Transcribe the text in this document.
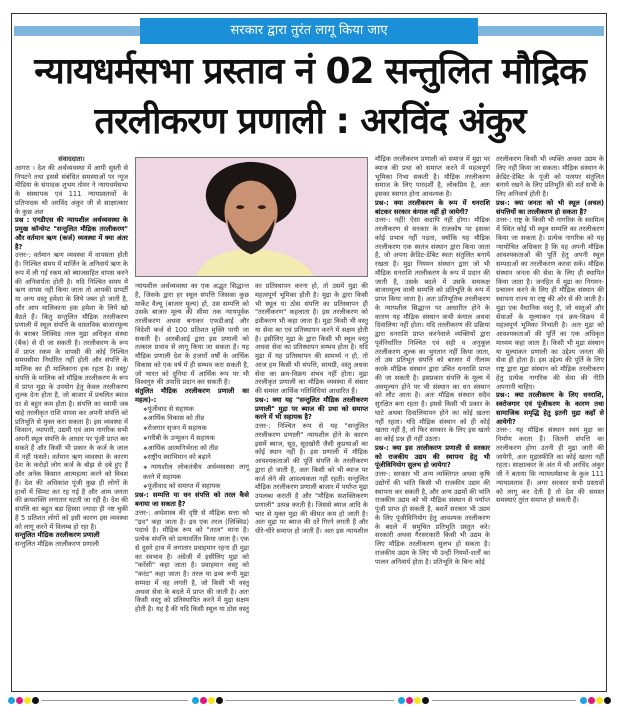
सरकार द्वारा तुरंत लागू किया जाए
न्यायधर्मसभा प्रस्ताव नं 02 सन्तुलित मौद्रिक
तरलीकरण प्रणाली : अरविंद अंकुर

संवाददाता।

आगरा । देश की अर्थव्यवस्था में आयी सुस्ती से निपटने तथा इससे संबंधित समस्याओं पर न्यूज मीडिया के संपादक शुभम तोमर ने न्यायधर्मसभा के संस्थापक एवं 111 न्यायप्रस्तावों के प्रतिपादक श्री अरविंद अंकुर जी से साक्षात्कार के कुछ अंश

प्रश्न : एनडीएस की न्यायशील अर्थव्यवस्था के प्रमुख कॉन्सेप्ट "सन्तुलित मौद्रिक तरलीकरण" और वर्तमान ऋण (कर्ज) व्यवस्था में क्या अंतर है?

उत्तर-: वर्तमान ऋण व्यवस्था में वापसता होती है। निश्चित समय में मार्जिन के अनिवार्य ऋण के रूप में ली गई रकम को ब्याजसहित वापस करने की अनिवार्यता होती है। यदि निश्चित समय में ऋण वापस नहीं किया जाता तो आपकी प्रापर्टी या अन्य वस्तु हमेशा के लिये जब्त हो जाती है, और आप मालिकाना हक हमेशा के लिये खो बैठते हैं। किंतु सन्तुलित मौद्रिक तरलीकरण प्रणाली में स्थूल संपत्ति के वास्तविक बाजारमूल्य के बराबर लिक्विड तरल मुद्रा अधिकृत संस्था (बैंक) से दी जा सकती है। तरलीकरण के रूप में प्राप्त रकम के वापसी की कोई निश्चित समयसीमा निर्धारित नहीं होती और संपत्ति के मालिक का ही मालिकाना हक रहता है। वस्तु/संपत्ति के मालिक को मौद्रिक तरलीकरण के रूप में प्राप्त मुद्रा के उपयोग हेतु केवल तरलीकरण शुल्क देना होता है, जो बाजार में प्रचलित ब्याज दर से बहुत कम होता है। संपत्ति का स्वामी जब चाहे तरलीकृत राशि वापस कर अपनी संपत्ति को प्रतिभूति से मुक्त करा सकता है। इस व्यवस्था में किसान, व्यापारी, उद्यमी एवं आम नागरिक सभी अपनी स्थूल संपत्ति के आधार पर पूंजी प्राप्त कर सकते हैं और किसी भी प्रकार के कर्ज के जाल में नहीं फंसते। वर्तमान ऋण व्यवस्था के कारण देश के करोड़ों लोग कर्ज के बोझ से दबे हुए हैं और अनेक किसान आत्महत्या करने को विवश हैं। देश की अधिकांश पूंजी कुछ ही लोगों के हाथों में सिमट कर रह गई है और आम जनता की क्रयशक्ति लगातार घटती जा रही है। देश की संपत्ति का बहुत बड़ा हिस्सा ज्यादा ही नष्ट चुकी है 5 प्रतिशत लोगों को इसी कारण इस व्यवस्था को लागू करने में विलम्ब हो रहा है।

सन्तुलित मौद्रिक तरलीकरण प्रणाली

सन्तुलित मौद्रिक तरलीकरण प्रणाली

न्यायशील अर्थव्यवस्था का एक अद्भुत सिद्धान्त है, जिसके द्वारा हर स्थूल संपत्ति जिसका कुछ मार्केट वैल्यू (बाजार मूल्य) हो, उस सम्पत्ति को उसके बाजार मूल्य की सीमा तक न्यायपूर्वक तरलीकरण अथवा बनाकर एफडीआई और विदेशी कर्ज से 100 प्रतिशत मुक्ति पायी जा सकती है। आरबीआई द्वारा इस प्रणाली को तत्काल प्रभाव से लागू किया जा सकता है। यह मौद्रिक प्रणाली देश के हजारों वर्षों के आर्थिक विकास को एक वर्ष में ही सम्भव करा सकती है, जो भारत को दुनिया में आर्थिक रूप पर भी विश्वगुरु की उपाधि प्रदान कर सकती है।

संतुलित मौद्रिक तरलीकरण प्रणाली का महत्व)-:

❖ पूंजीवाद से सहायक
❖ आर्थिक विकास को तीव्र
❖ रोजगार सृजन में सहायक
❖ गरीबी के उन्मूलन में सहायक
❖ आर्थिक आत्मनिर्भरता को तीव्र
❖ राष्ट्रीय स्वाभिमान को बढ़ाने
❖ न्यायशील लोकतंत्रीय अर्थव्यवस्था लागू करने में सहायक
❖ पूंजीवाद को समाप्त में सहायक

प्रश्न-: सम्पत्ति या धन संपत्ति को तरल कैसे बनाया जा सकता है?

उत्तर-: अर्थशास्त्र की दृष्टि से मौद्रिक सत्ता को "द्रव" कहा जाता है। द्रव एक तरल (लिक्विड) पदार्थ है। मौद्रिक रूप को "तरल" माना है। प्रत्येक संपत्ति को प्रत्यावर्तित किया जाता है। एक से दूसरे हाथ में लगातार प्रवाहमान रहना ही मुद्रा का स्वभाव है। अंग्रेजी में इसीलिए मुद्रा को "करेंसी" कहा जाता है। प्रवाहमान वस्तु को "करंट" कहा जाता है। तरल या द्रव्य रूपी मुद्रा सम्पदा में वह लगती है, जो किसी भी वस्तु अथवा सेवा के बदले में प्राप्त की जाती है। अतः किसी वस्तु को प्रतिस्थापित करने में मुद्रा सक्षम होती है। यह है की यदि किसी स्थूल या ठोस वस्तु

का प्रतिस्थापन करना हो, तो उसमें मुद्रा की महत्वपूर्ण भूमिका होती है। मुद्रा के द्वारा किसी भी स्थूल या ठोस संपत्ति का प्रतिस्थापन ही "तरलीकरण" कहलाता है। इस तरलीकरण को द्रवीकरण भी कहा जाता है। मुद्रा किसी भी वस्तु या सेवा का एवं प्रतिस्थापन करने में सक्षम होती है। इसीलिए मुद्रा के द्वारा किसी भी स्थूल वस्तु अथवा सेवा का प्रतिस्थापन सम्भव होता है। यदि मुद्रा में यह प्रतिस्थापन की सामर्थ्य न हो, तो आज हम किसी भी संपत्ति, सामग्री, वस्तु अथवा सेवा का क्रय-विक्रय संभव नहीं होता। मुद्रा तरलीकृत प्रणाली का मौद्रिक व्यवस्था में संसार की समस्त आर्थिक गतिविधियां आधारित हैं।

प्रश्न-: क्या यह "सन्तुलित मौद्रिक तरलीकरण प्रणाली" मुद्रा पर ब्याज की प्रथा को समाप्त करने में भी सहायक है?

उत्तर-: निश्चित रूप से यह "सन्तुलित तरलीकरण प्रणाली" न्यायशील होने के कारण इसमें ब्याज, सूद, सूदखोरी जैसी कुप्रथाओं का कोई स्थान नहीं है। इस प्रणाली में मौद्रिक आवश्यकताओं की पूर्ति संपत्ति के तरलीकरण द्वारा हो जाती है, अतः किसी को भी ब्याज पर कर्ज लेने की आवश्यकता नहीं रहती। सन्तुलित मौद्रिक तरलीकरण प्रणाली बाजार में पर्याप्त मुद्रा उपलब्ध कराती है और "मौद्रिक सशक्तिकरण प्रणाली" उत्पन्न करती है। जिससे ब्याज आदि के भार से मुक्त मुद्रा की कीमत कम हो जाती है। अतः मुद्रा पर ब्याज की दरें गिरने लगती हैं और धीरे-धीरे समाप्त हो जाती हैं। अतः इस न्यायशील

मौद्रिक तरलीकरण प्रणाली को समाज में मुद्रा पर ब्याज की प्रथा को समाप्त करने में महत्वपूर्ण भूमिका निभा सकती है। मौद्रिक तरलीकरण समाज के लिए पारदर्शी है, लोकप्रिय है, अतः इसका स्वागत होना आवश्यक है।

प्रश्न-: क्या तरलीकरण के रूप में धनराशि बांटकर सरकार कंगाल नहीं हो जायेगी?

उत्तर-: नहीं! ऐसा कदापि नहीं होगा। मौद्रिक तरलीकरण से सरकार के राजकोष पर इसका कोई प्रभाव नहीं पड़ता, क्योंकि यह मौद्रिक तरलीकरण एक स्वतंत्र संस्थान द्वारा किया जाता है, जो अपना क्रेडिट-डेबिट स्वतः संतुलित बनाये रखता है। मुद्रा नियमन संस्थान द्वारा जो भी मौद्रिक धनराशि तरलीकरण के रूप में प्रदान की जाती है, उसके बदले में उसके समकक्ष बाजारमूल्य वाली सम्पत्ति को प्रतिभूति के रूप में प्राप्त किया जाता है। अतः प्रतिभूतिक तरलीकरण के न्यायशील सिद्धान्त पर आधारित होने के कारण यह मौद्रिक संस्थान कभी कंगाल अथवा दिवालिया नहीं होता। यदि तरलीकरण की प्रक्रिया द्वारा धनराशि प्राप्त करनेवाले व्यक्तियों द्वारा पूर्वनिर्धारित निश्चित एवं सही व अनुकूल तरलीकरण शुल्क का भुगतान नहीं किया जाता, तो उस प्रतिभूत संपत्ति को बाजार में नीलाम करके मौद्रिक संस्थान द्वारा उचित धनराशि प्राप्त की जा सकती है। इसप्रकार संपत्ति के मूल्य में अवमूल्यन होने पर भी संस्थान का धन संस्थान को लौट आता है। अतः मौद्रिक संस्थान सदैव सुरक्षित बना रहता है। इससे किसी भी प्रकार के घाटे अथवा दिवालियापन होने का कोई ख़तरा नहीं रहता। यदि मौद्रिक संस्थान को ही कोई खतरा नहीं है, तो फिर सरकार के लिए इस खतरे का कोई प्रश्न ही नहीं उठता।

प्रश्न-: क्या इस तरलीकरण प्रणाली से सरकार को राजकीय उद्यम की स्थापना हेतु भी पूंजीविनियोग सुलभ हो जायेगा?

उत्तर-: सरकार भी अन्य व्यक्तिगत अथवा कृषि उद्योगों की भांति किसी भी राजकीय उद्यम की स्थापना कर सकती है, और अन्य उद्यमों की भांति राजकीय उद्यम को भी मौद्रिक संस्थान से पर्याप्त पूंजी प्राप्त हो सकती है, बशर्ते सरकार भी उद्यम के लिए पूंजीविनियोग हेतु आवश्यक तरलीकरण के बदले में समुचित प्रतिभूति प्रस्तुत करे। सरकारी अथवा गैरसरकारी किसी भी उद्यम के लिए मौद्रिक तरलीकरण सुलभ हो सकता है। राजकीय उद्यम के लिए भी उन्हीं नियमों-शर्तों का पालन अनिवार्य होता है। प्रतिभूति के बिना कोई

तरलीकरण किसी भी व्यक्ति अथवा उद्यम के लिए नहीं किया जा सकता। मौद्रिक संस्थान के क्रेडिट-डेबिट के पूंजी को परस्पर संतुलित बनाये रखने के लिए प्रतिभूति की शर्त सभी के लिए अनिवार्य होती है।

प्रश्न-: क्या जनता को भी स्थूल (अचल) संपत्तियों का तरलीकरण हो सकता है?

उत्तर-: राष्ट्र के किसी भी नागरिक के स्वामित्व में स्थित कोई भी स्थूल सम्पत्ति का तरलीकरण किया जा सकता है। प्रत्येक नागरिक को यह न्यायोचित अधिकार है कि वह अपनी मौद्रिक आवश्यकताओं की पूर्ति हेतु अपनी स्थूल सम्पदाओं का तरलीकरण करवा सके। मौद्रिक संस्थान जनता की सेवा के लिए ही स्थापित किया जाता है। जनहित में मुद्रा का निगमन-प्रचालन करने के लिए ही मौद्रिक संस्थान की स्थापना राज्य या राष्ट्र की ओर से की जाती है। मुद्रा एक वैधानिक वस्तु है, जो वस्तुओं और सेवाओं के मूल्यांकन एवं क्रय-विक्रय में महत्वपूर्ण भूमिका निभाती है। अतः मुद्रा को आवश्यकताओं की पूर्ति का एक अधिकृत माध्यम कहा जाता है। किसी भी मुद्रा संस्थान या मूल्यांकन प्रणाली का उद्देश्य जनता की सेवा ही होता है। इस उद्देश्य की पूर्ति के लिए राष्ट्र द्वारा मुद्रा संस्थान को मौद्रिक तरलीकरण हेतु प्रत्येक नागरिक की सेवा की नीति अपनानी चाहिए।

प्रश्न-: क्या तरलीकरण के लिए धनराशि, स्वरोजगार एवं पूंजीकरण के कारण तथा सामाजिक समृद्धि हेतु इतनी मुद्रा कहाँ से आयेगी?

उत्तर-: यह मौद्रिक संस्थान स्वयं मुद्रा का निर्माण करता है। जितनी संपत्ति का तरलीकरण होगा उतनी ही मुद्रा जारी की जायेगी, अतः मुद्रास्फीति का कोई खतरा नहीं रहता। साक्षात्कार के अंत में श्री अरविंद अंकुर जी ने बताया कि न्यायधर्मसभा के कुल 111 न्यायप्रस्ताव हैं। अगर सरकार सभी प्रस्तावों को लागू कर देती है तो देश की समस्त समस्याएं तुरंत समाप्त हो सकती हैं।
